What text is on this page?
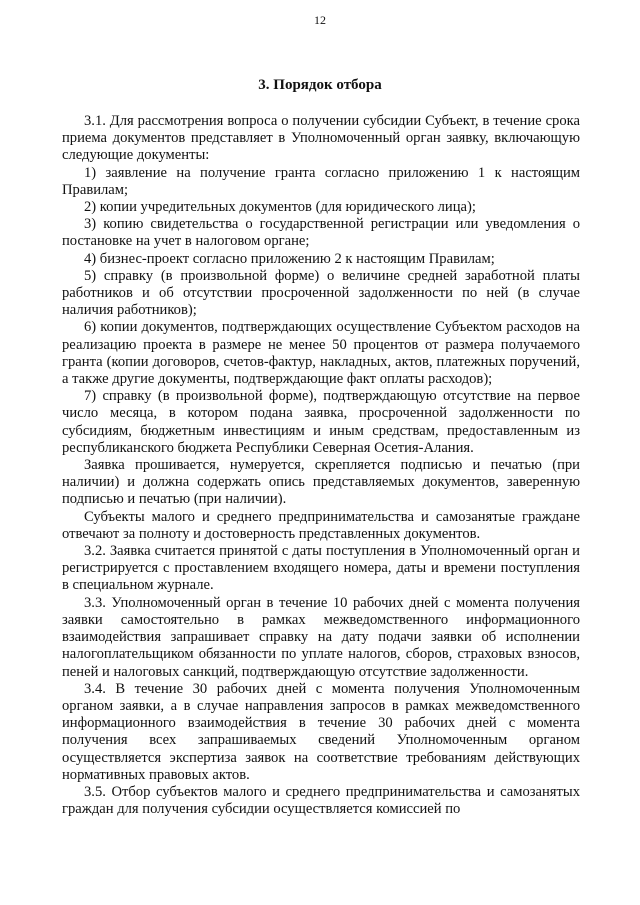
12
3. Порядок отбора

3.1. Для рассмотрения вопроса о получении субсидии Субъект, в течение срока приема документов представляет в Уполномоченный орган заявку, включающую следующие документы:

1) заявление на получение гранта согласно приложению 1 к настоящим Правилам;

2) копии учредительных документов (для юридического лица);

3) копию свидетельства о государственной регистрации или уведомления о постановке на учет в налоговом органе;

4) бизнес-проект согласно приложению 2 к настоящим Правилам;

5) справку (в произвольной форме) о величине средней заработной платы работников и об отсутствии просроченной задолженности по ней (в случае наличия работников);

6) копии документов, подтверждающих осуществление Субъектом расходов на реализацию проекта в размере не менее 50 процентов от размера получаемого гранта (копии договоров, счетов-фактур, накладных, актов, платежных поручений, а также другие документы, подтверждающие факт оплаты расходов);

7) справку (в произвольной форме), подтверждающую отсутствие на первое число месяца, в котором подана заявка, просроченной задолженности по субсидиям, бюджетным инвестициям и иным средствам, предоставленным из республиканского бюджета Республики Северная Осетия-Алания.

Заявка прошивается, нумеруется, скрепляется подписью и печатью (при наличии) и должна содержать опись представляемых документов, заверенную подписью и печатью (при наличии).

Субъекты малого и среднего предпринимательства и самозанятые граждане отвечают за полноту и достоверность представленных документов.

3.2. Заявка считается принятой с даты поступления в Уполномоченный орган и регистрируется с проставлением входящего номера, даты и времени поступления в специальном журнале.

3.3. Уполномоченный орган в течение 10 рабочих дней с момента получения заявки самостоятельно в рамках межведомственного информационного взаимодействия запрашивает справку на дату подачи заявки об исполнении налогоплательщиком обязанности по уплате налогов, сборов, страховых взносов, пеней и налоговых санкций, подтверждающую отсутствие задолженности.

3.4. В течение 30 рабочих дней с момента получения Уполномоченным органом заявки, а в случае направления запросов в рамках межведомственного информационного взаимодействия в течение 30 рабочих дней с момента получения всех запрашиваемых сведений Уполномоченным органом осуществляется экспертиза заявок на соответствие требованиям действующих нормативных правовых актов.

3.5. Отбор субъектов малого и среднего предпринимательства и самозанятых граждан для получения субсидии осуществляется комиссией по
